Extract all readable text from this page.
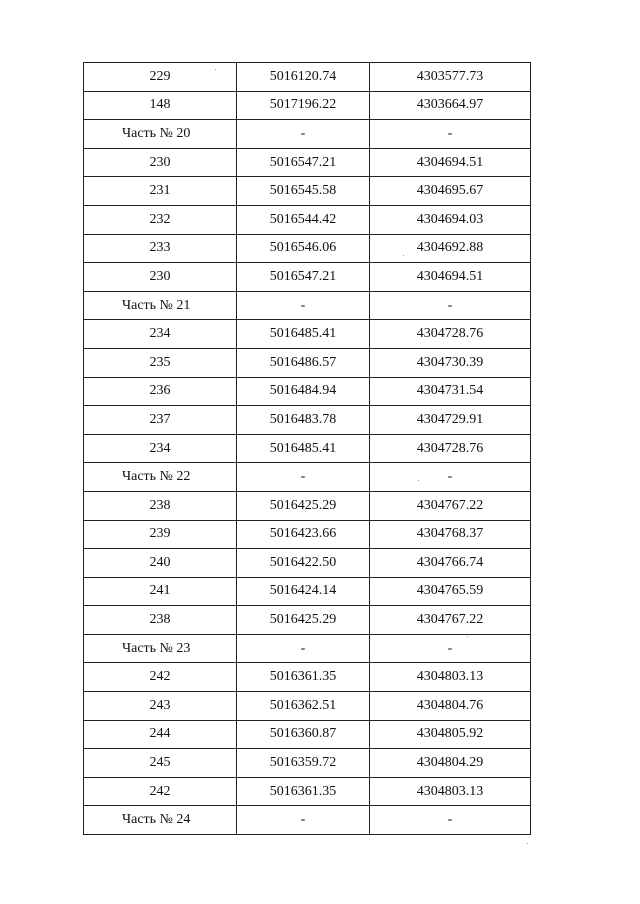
229	5016120.74	4303577.73
148	5017196.22	4303664.97
Часть № 20	-	-
230	5016547.21	4304694.51
231	5016545.58	4304695.67
232	5016544.42	4304694.03
233	5016546.06	4304692.88
230	5016547.21	4304694.51
Часть № 21	-	-
234	5016485.41	4304728.76
235	5016486.57	4304730.39
236	5016484.94	4304731.54
237	5016483.78	4304729.91
234	5016485.41	4304728.76
Часть № 22	-	-
238	5016425.29	4304767.22
239	5016423.66	4304768.37
240	5016422.50	4304766.74
241	5016424.14	4304765.59
238	5016425.29	4304767.22
Часть № 23	-	-
242	5016361.35	4304803.13
243	5016362.51	4304804.76
244	5016360.87	4304805.92
245	5016359.72	4304804.29
242	5016361.35	4304803.13
Часть № 24	-	-
